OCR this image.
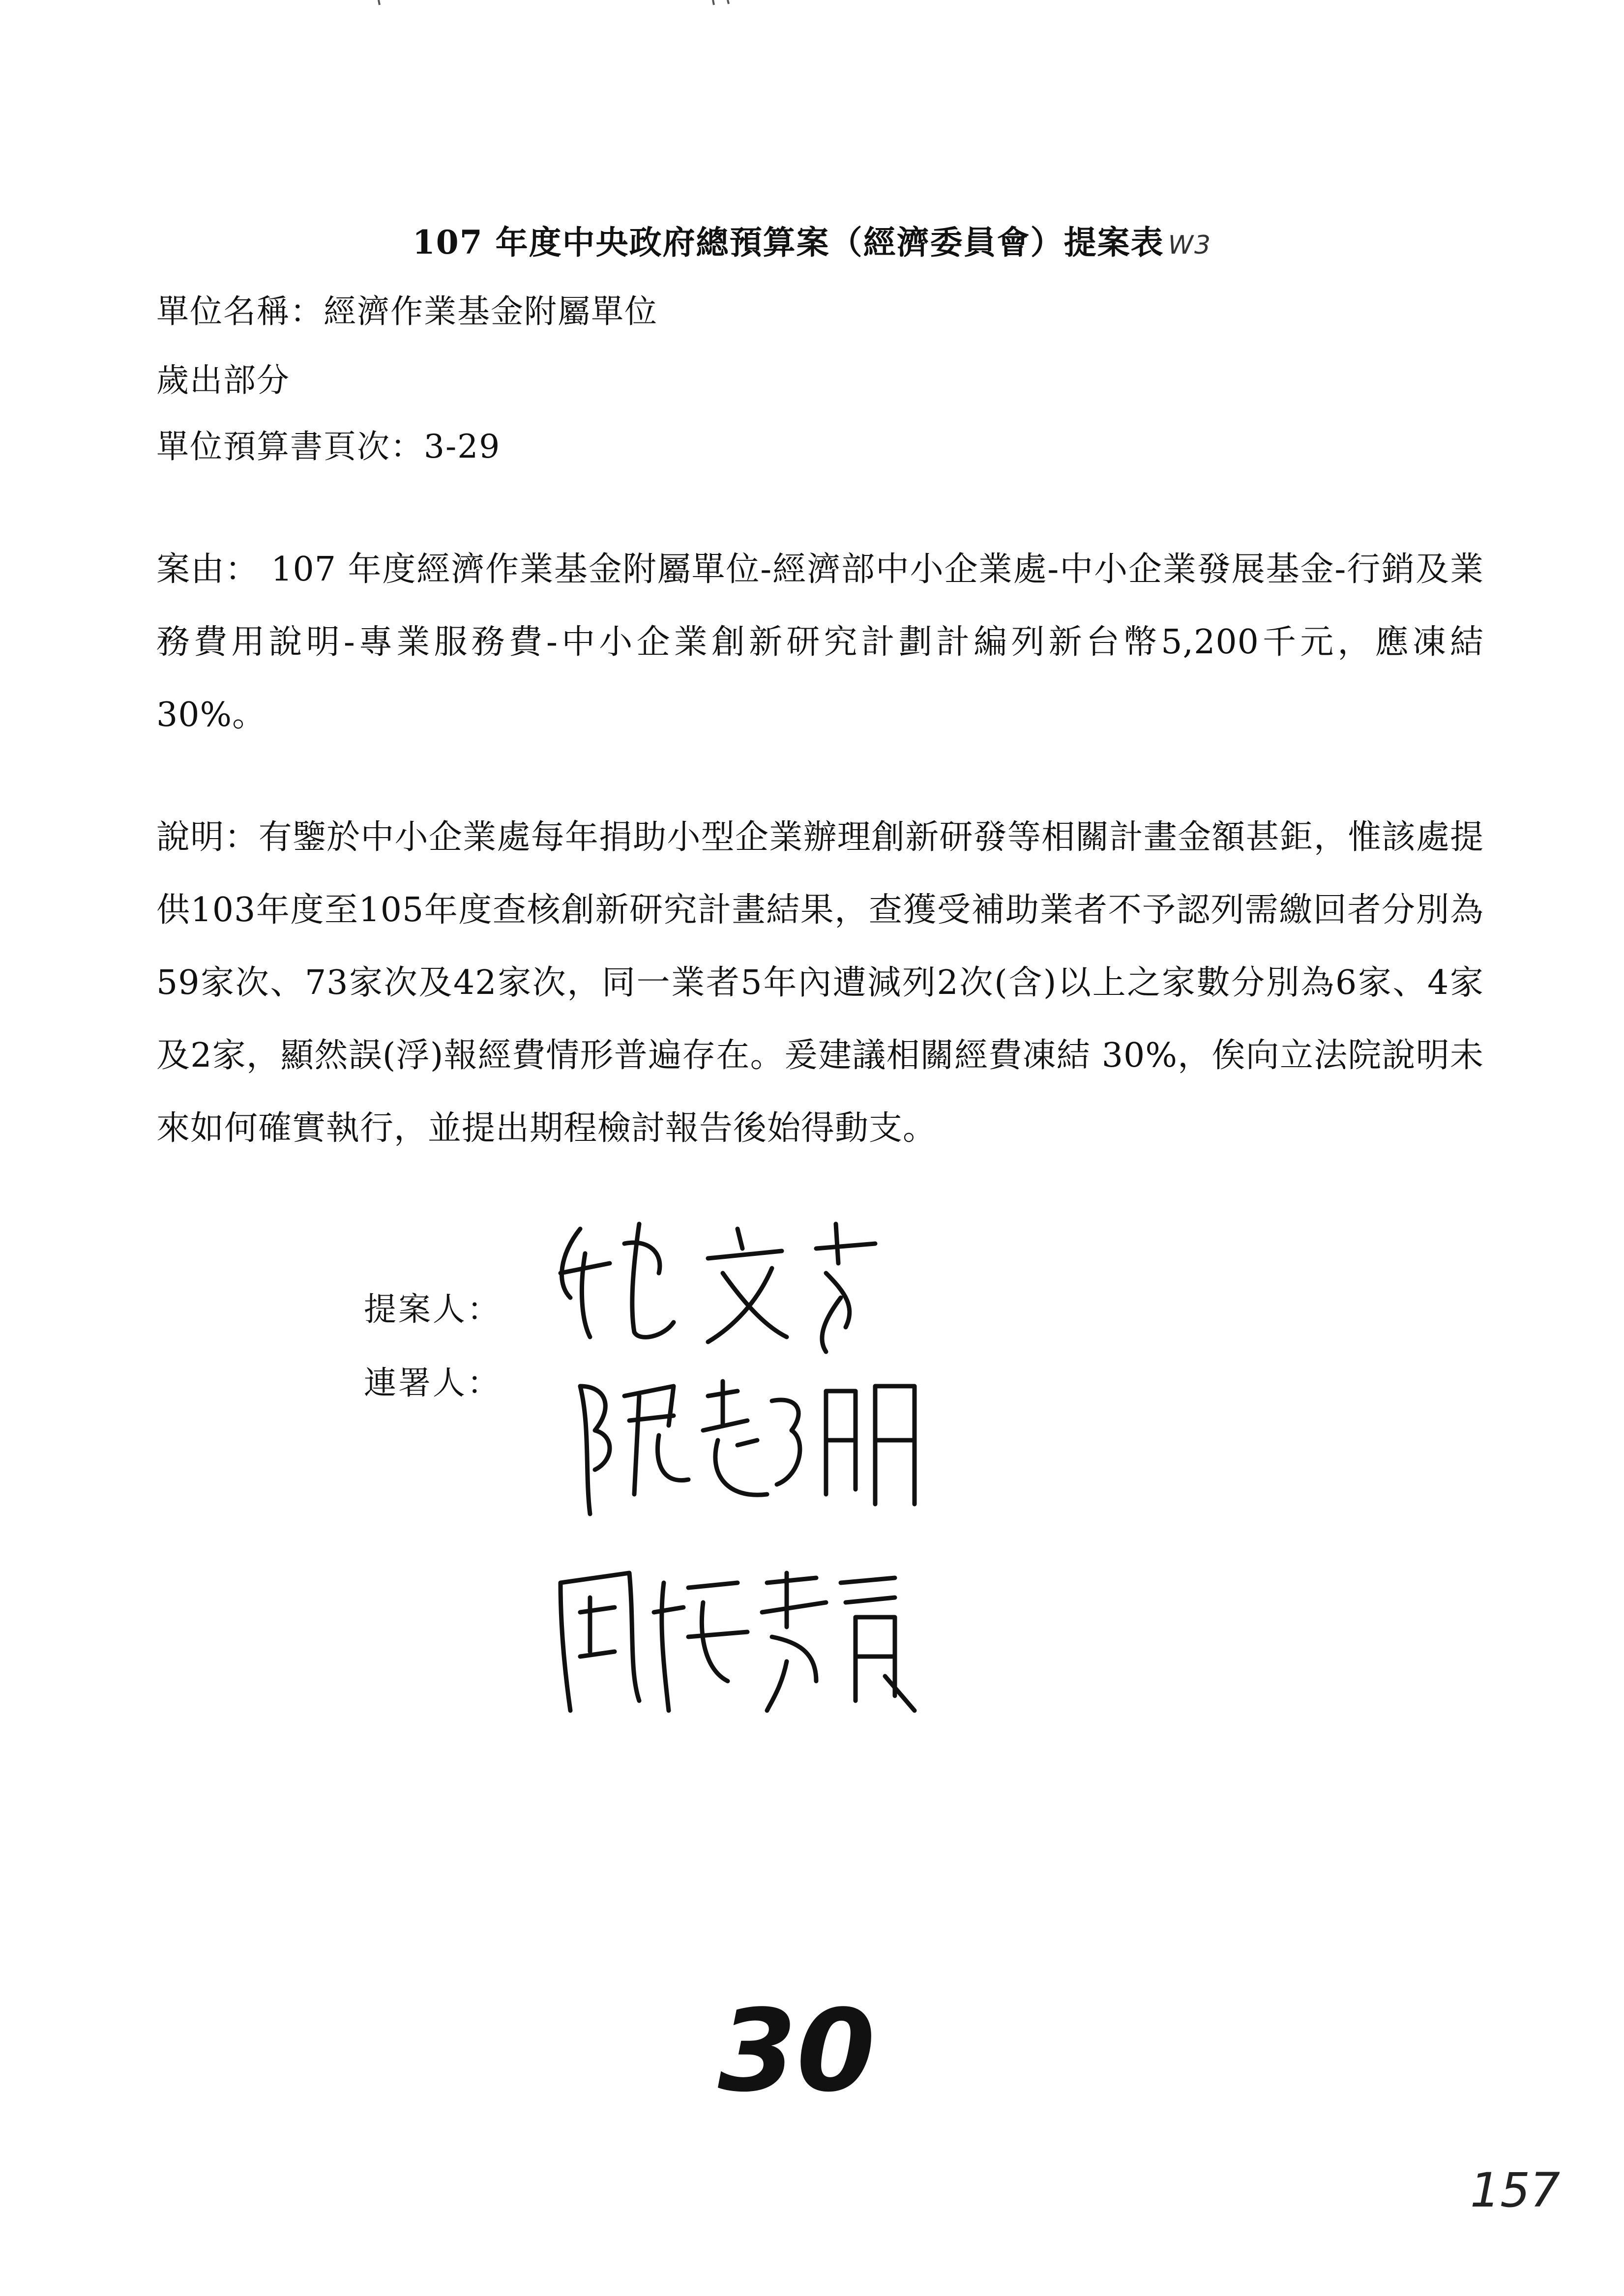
107 年度中央政府總預算案（經濟委員會）提案表 W3
單位名稱：經濟作業基金附屬單位
歲出部分
單位預算書頁次：3-29
案由： 107 年度經濟作業基金附屬單位-經濟部中小企業處-中小企業發展基金-行銷及業務費用說明-專業服務費-中小企業創新研究計劃計編列新台幣5,200千元，應凍結 30%。
說明：有鑒於中小企業處每年捐助小型企業辦理創新研發等相關計畫金額甚鉅，惟該處提供103年度至105年度查核創新研究計畫結果，查獲受補助業者不予認列需繳回者分別為59家次、73家次及42家次，同一業者5年內遭減列2次(含)以上之家數分別為6家、4家及2家，顯然誤(浮)報經費情形普遍存在。爰建議相關經費凍結 30%，俟向立法院說明未來如何確實執行，並提出期程檢討報告後始得動支。
提案人：
連署人：
30
157
